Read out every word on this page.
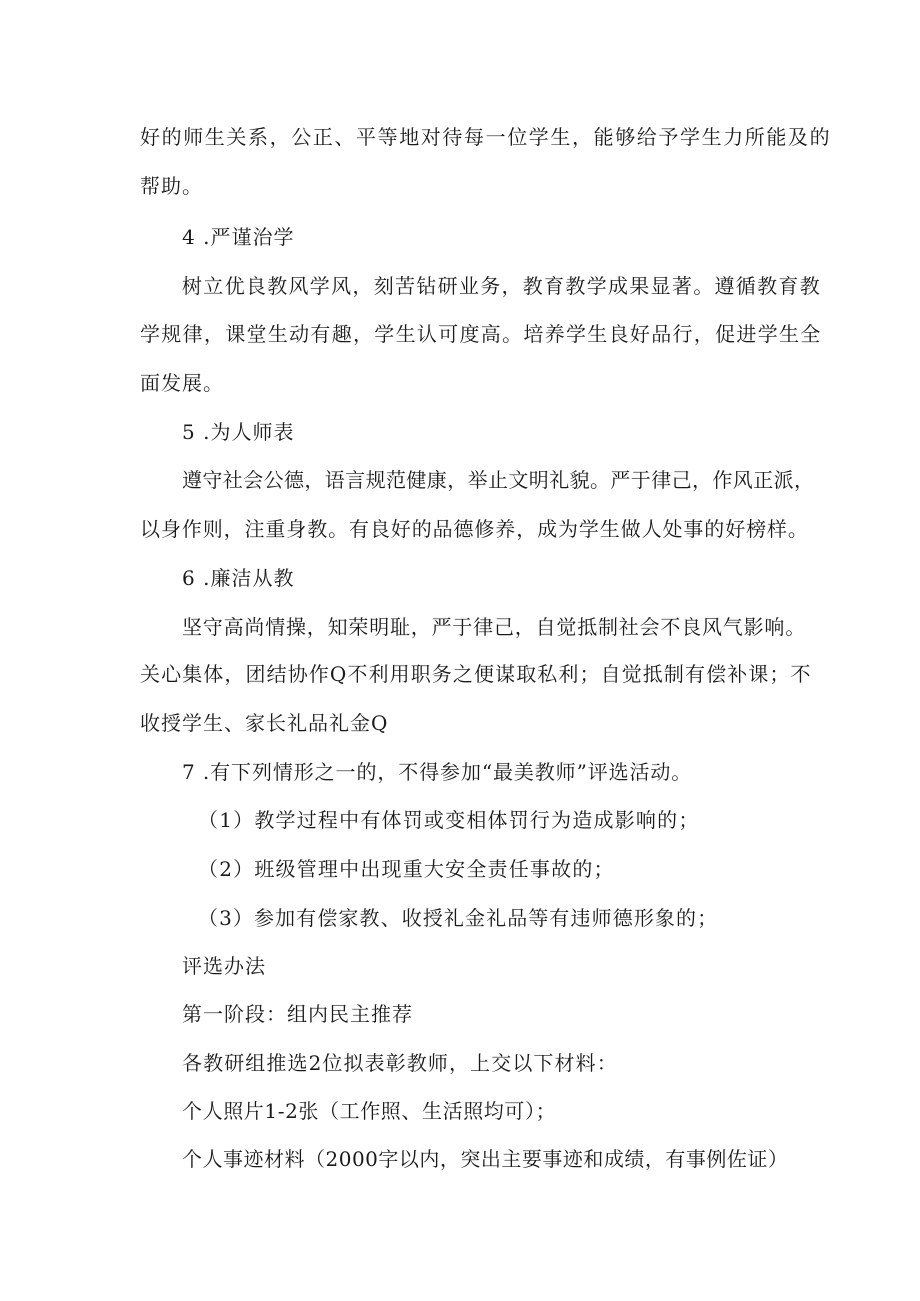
好的师生关系，公正、平等地对待每一位学生，能够给予学生力所能及的
帮助。
4 .严谨治学
树立优良教风学风，刻苦钻研业务，教育教学成果显著。遵循教育教
学规律，课堂生动有趣，学生认可度高。培养学生良好品行，促进学生全
面发展。
5 .为人师表
遵守社会公德，语言规范健康，举止文明礼貌。严于律己，作风正派，
以身作则，注重身教。有良好的品德修养，成为学生做人处事的好榜样。
6 .廉洁从教
坚守高尚情操，知荣明耻，严于律己，自觉抵制社会不良风气影响。
关心集体，团结协作Q不利用职务之便谋取私利；自觉抵制有偿补课；不
收授学生、家长礼品礼金Q
7 .有下列情形之一的，不得参加“最美教师”评选活动。
（1）教学过程中有体罚或变相体罚行为造成影响的；
（2）班级管理中出现重大安全责任事故的；
（3）参加有偿家教、收授礼金礼品等有违师德形象的；
评选办法
第一阶段：组内民主推荐
各教研组推选2位拟表彰教师，上交以下材料：
个人照片1-2张（工作照、生活照均可）；
个人事迹材料（2000字以内，突出主要事迹和成绩，有事例佐证）
